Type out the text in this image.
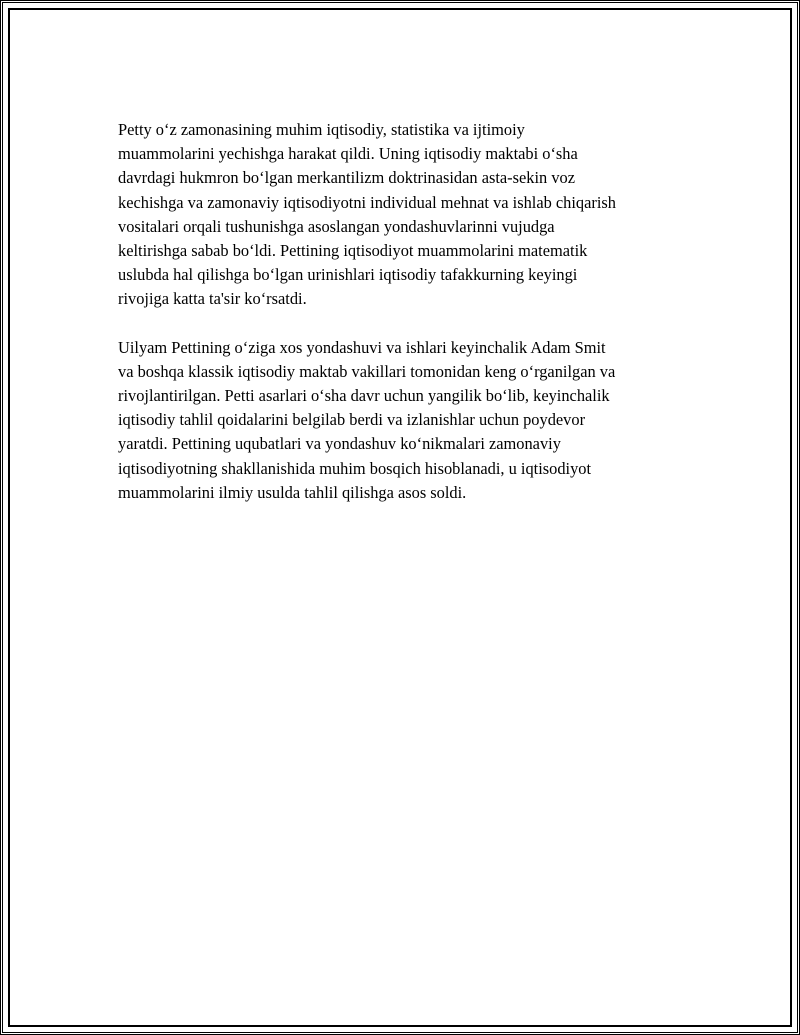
Petty o‘z zamonasining muhim iqtisodiy, statistika va ijtimoiy
muammolarini yechishga harakat qildi. Uning iqtisodiy maktabi o‘sha
davrdagi hukmron bo‘lgan merkantilizm doktrinasidan asta-sekin voz
kechishga va zamonaviy iqtisodiyotni individual mehnat va ishlab chiqarish
vositalari orqali tushunishga asoslangan yondashuvlarinni vujudga
keltirishga sabab bo‘ldi. Pettining iqtisodiyot muammolarini matematik
uslubda hal qilishga bo‘lgan urinishlari iqtisodiy tafakkurning keyingi
rivojiga katta ta'sir ko‘rsatdi.

Uilyam Pettining o‘ziga xos yondashuvi va ishlari keyinchalik Adam Smit
va boshqa klassik iqtisodiy maktab vakillari tomonidan keng o‘rganilgan va
rivojlantirilgan. Petti asarlari o‘sha davr uchun yangilik bo‘lib, keyinchalik
iqtisodiy tahlil qoidalarini belgilab berdi va izlanishlar uchun poydevor
yaratdi. Pettining uqubatlari va yondashuv ko‘nikmalari zamonaviy
iqtisodiyotning shakllanishida muhim bosqich hisoblanadi, u iqtisodiyot
muammolarini ilmiy usulda tahlil qilishga asos soldi.
